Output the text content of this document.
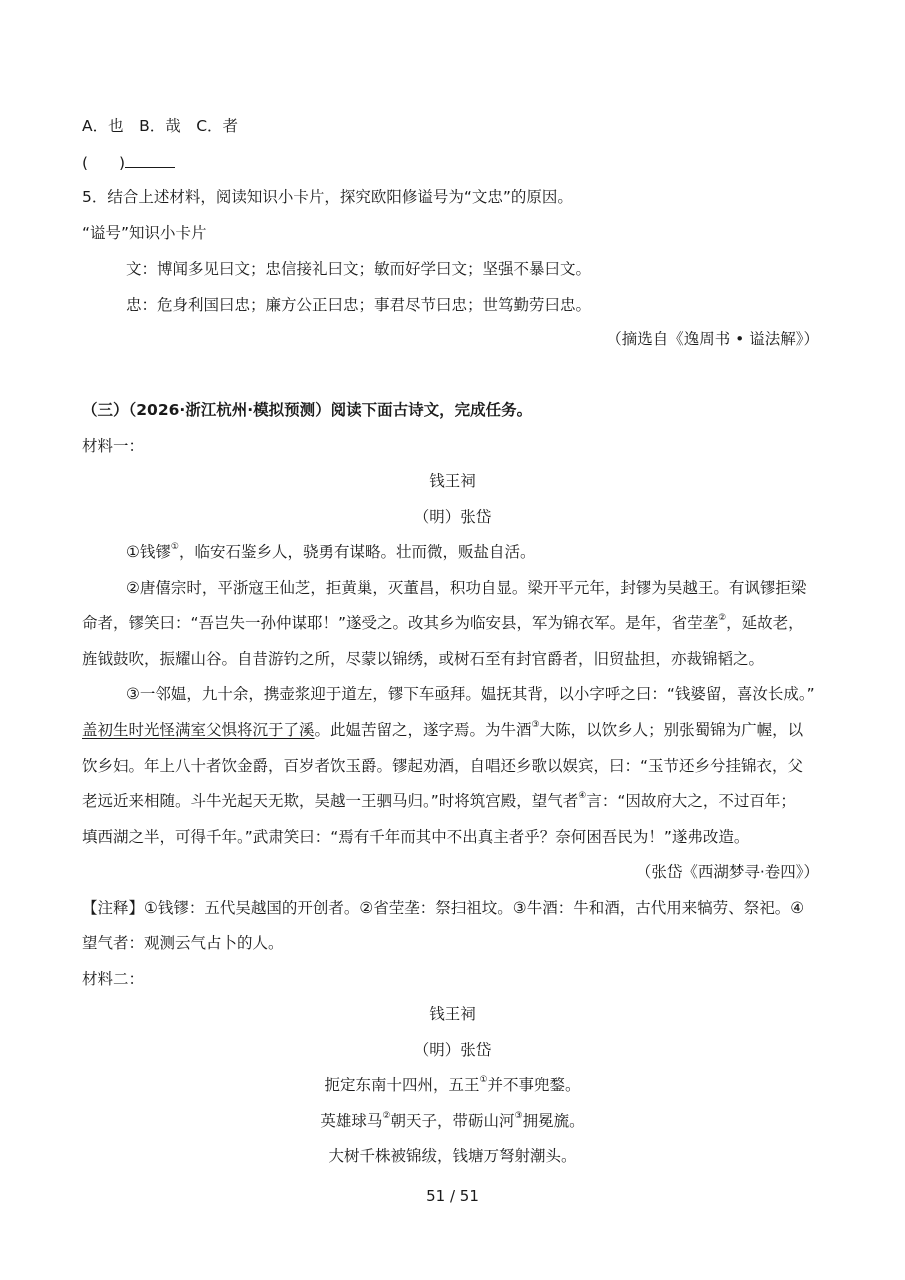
A．也　B．哉　C．者
(　　)
5．结合上述材料，阅读知识小卡片，探究欧阳修谥号为“文忠”的原因。
“谥号”知识小卡片
文：博闻多见曰文；忠信接礼曰文；敏而好学曰文；坚强不暴曰文。
忠：危身利国曰忠；廉方公正曰忠；事君尽节曰忠；世笃勤劳曰忠。
（摘选自《逸周书 • 谥法解》）
（三）（2026·浙江杭州·模拟预测）阅读下面古诗文，完成任务。
材料一：
钱王祠
（明）张岱
①钱镠①，临安石鉴乡人，骁勇有谋略。壮而微，贩盐自活。
②唐僖宗时，平浙寇王仙芝，拒黄巢，灭董昌，积功自显。梁开平元年，封镠为吴越王。有讽镠拒梁
命者，镠笑曰：“吾岂失一孙仲谋耶！”遂受之。改其乡为临安县，军为锦衣军。是年，省茔垄②，延故老，
旌钺鼓吹，振耀山谷。自昔游钓之所，尽蒙以锦绣，或树石至有封官爵者，旧贸盐担，亦裁锦韬之。
③一邻媪，九十余，携壶浆迎于道左，镠下车亟拜。媪抚其背，以小字呼之曰：“钱婆留，喜汝长成。”
盖初生时光怪满室父惧将沉于了溪。此媪苦留之，遂字焉。为牛酒③大陈，以饮乡人；别张蜀锦为广幄，以
饮乡妇。年上八十者饮金爵，百岁者饮玉爵。镠起劝酒，自唱还乡歌以娱宾，曰：“玉节还乡兮挂锦衣，父
老远近来相随。斗牛光起天无欺，吴越一王驷马归。”时将筑宫殿，望气者④言：“因故府大之，不过百年；
填西湖之半，可得千年。”武肃笑曰：“焉有千年而其中不出真主者乎？奈何困吾民为！”遂弗改造。
（张岱《西湖梦寻·卷四》）
【注释】①钱镠：五代吴越国的开创者。②省茔垄：祭扫祖坟。③牛酒：牛和酒，古代用来犒劳、祭祀。④
望气者：观测云气占卜的人。
材料二：
钱王祠
（明）张岱
扼定东南十四州，五王①并不事兜鍪。
英雄球马②朝天子，带砺山河③拥冕旒。
大树千株被锦绂，钱塘万弩射潮头。
51 / 51
